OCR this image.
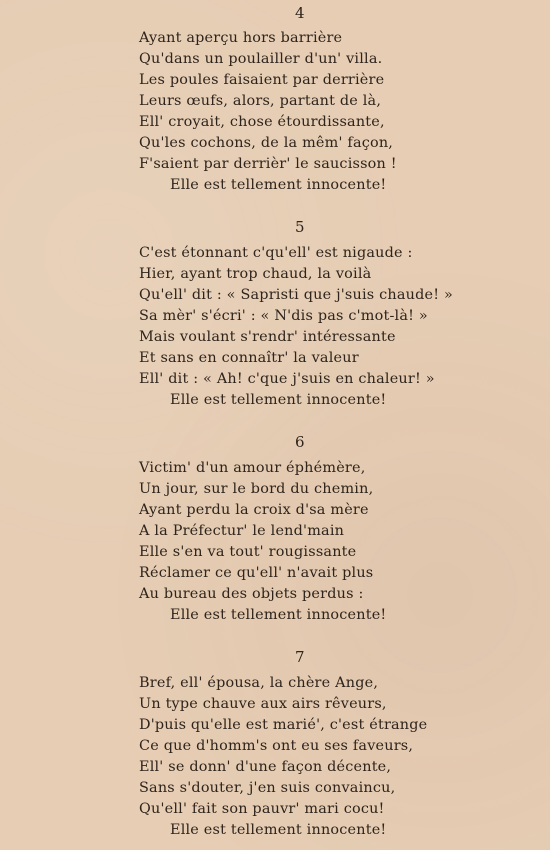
4
Ayant aperçu hors barrière
Qu'dans un poulailler d'un' villa.
Les poules faisaient par derrière
Leurs œufs, alors, partant de là,
Ell' croyait, chose étourdissante,
Qu'les cochons, de la mêm' façon,
F'saient par derrièr' le saucisson !
Elle est tellement innocente!
5
C'est étonnant c'qu'ell' est nigaude :
Hier, ayant trop chaud, la voilà
Qu'ell' dit : « Sapristi que j'suis chaude! »
Sa mèr' s'écri' : « N'dis pas c'mot-là! »
Mais voulant s'rendr' intéressante
Et sans en connaîtr' la valeur
Ell' dit : « Ah! c'que j'suis en chaleur! »
Elle est tellement innocente!
6
Victim' d'un amour éphémère,
Un jour, sur le bord du chemin,
Ayant perdu la croix d'sa mère
A la Préfectur' le lend'main
Elle s'en va tout' rougissante
Réclamer ce qu'ell' n'avait plus
Au bureau des objets perdus :
Elle est tellement innocente!
7
Bref, ell' épousa, la chère Ange,
Un type chauve aux airs rêveurs,
D'puis qu'elle est marié', c'est étrange
Ce que d'homm's ont eu ses faveurs,
Ell' se donn' d'une façon décente,
Sans s'douter, j'en suis convaincu,
Qu'ell' fait son pauvr' mari cocu!
Elle est tellement innocente!
